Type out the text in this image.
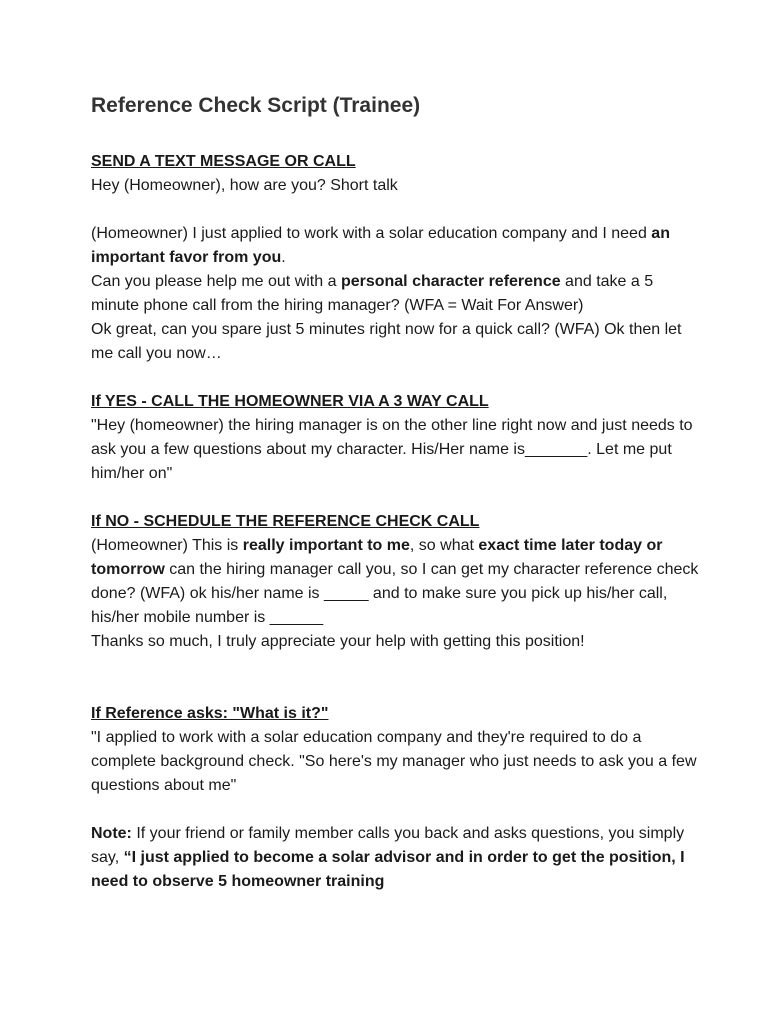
Reference Check Script (Trainee)

SEND A TEXT MESSAGE OR CALL

Hey (Homeowner), how are you? Short talk

(Homeowner) I just applied to work with a solar education company and I need an important favor from you.

Can you please help me out with a personal character reference and take a 5 minute phone call from the hiring manager? (WFA = Wait For Answer)

Ok great, can you spare just 5 minutes right now for a quick call? (WFA) Ok then let me call you now…

If YES - CALL THE HOMEOWNER VIA A 3 WAY CALL

"Hey (homeowner) the hiring manager is on the other line right now and just needs to ask you a few questions about my character. His/Her name is_______. Let me put him/her on"

If NO - SCHEDULE THE REFERENCE CHECK CALL

(Homeowner) This is really important to me, so what exact time later today or tomorrow can the hiring manager call you, so I can get my character reference check done? (WFA) ok his/her name is _____ and to make sure you pick up his/her call, his/her mobile number is ______

Thanks so much, I truly appreciate your help with getting this position!

If Reference asks: "What is it?"

"I applied to work with a solar education company and they're required to do a complete background check. "So here's my manager who just needs to ask you a few questions about me"

Note: If your friend or family member calls you back and asks questions, you simply say, “I just applied to become a solar advisor and in order to get the position, I need to observe 5 homeowner training
